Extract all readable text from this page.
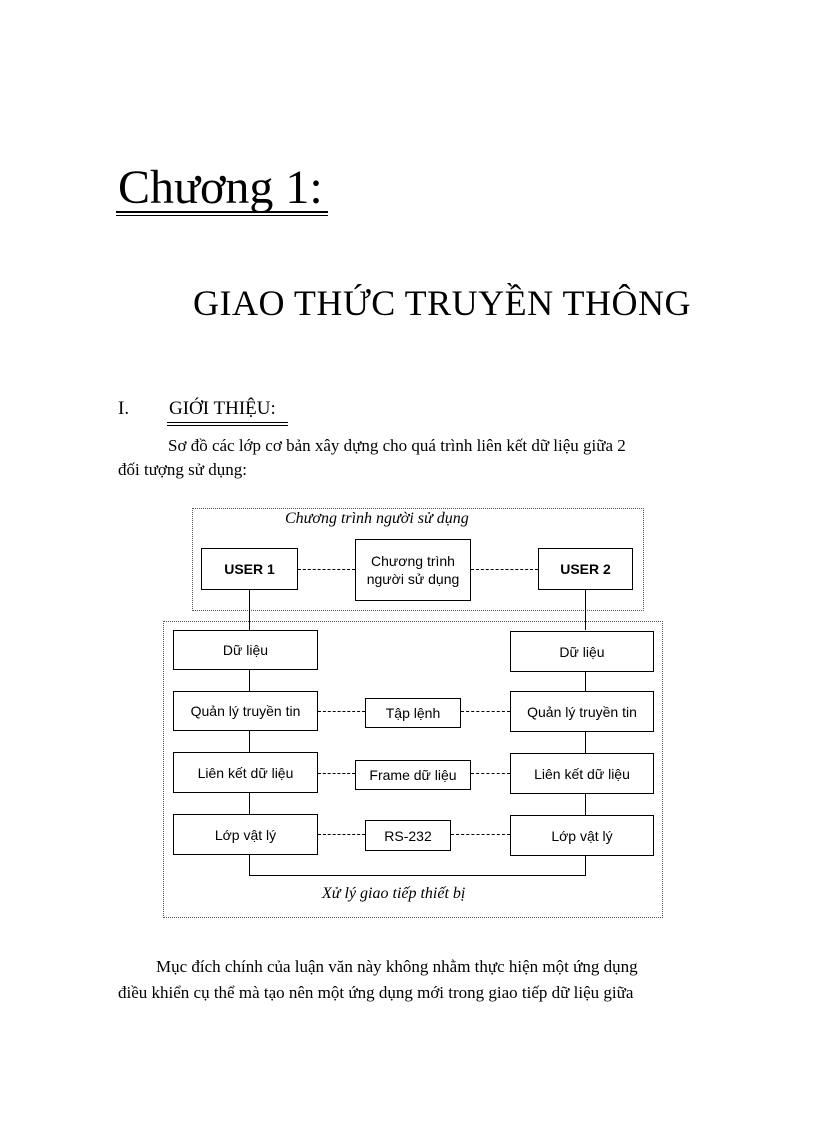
Chương 1:
GIAO THỨC TRUYỀN THÔNG
I. GIỚI THIỆU:
Sơ đồ các lớp cơ bản xây dựng cho quá trình liên kết dữ liệu giữa 2
đối tượng sử dụng:
Chương trình người sử dụng
Xử lý giao tiếp thiết bị
USER 1	Chương trình
người sử dụng
USER 2
Dữ liệu
Quản lý truyền tin
Liên kết dữ liệu
Lớp vật lý
Dữ liệu
Quản lý truyền tin
Liên kết dữ liệu
Lớp vật lý
Tập lệnh
Frame dữ liệu
RS-232
Mục đích chính của luận văn này không nhằm thực hiện một ứng dụng
điều khiển cụ thể mà tạo nên một ứng dụng mới trong giao tiếp dữ liệu giữa
